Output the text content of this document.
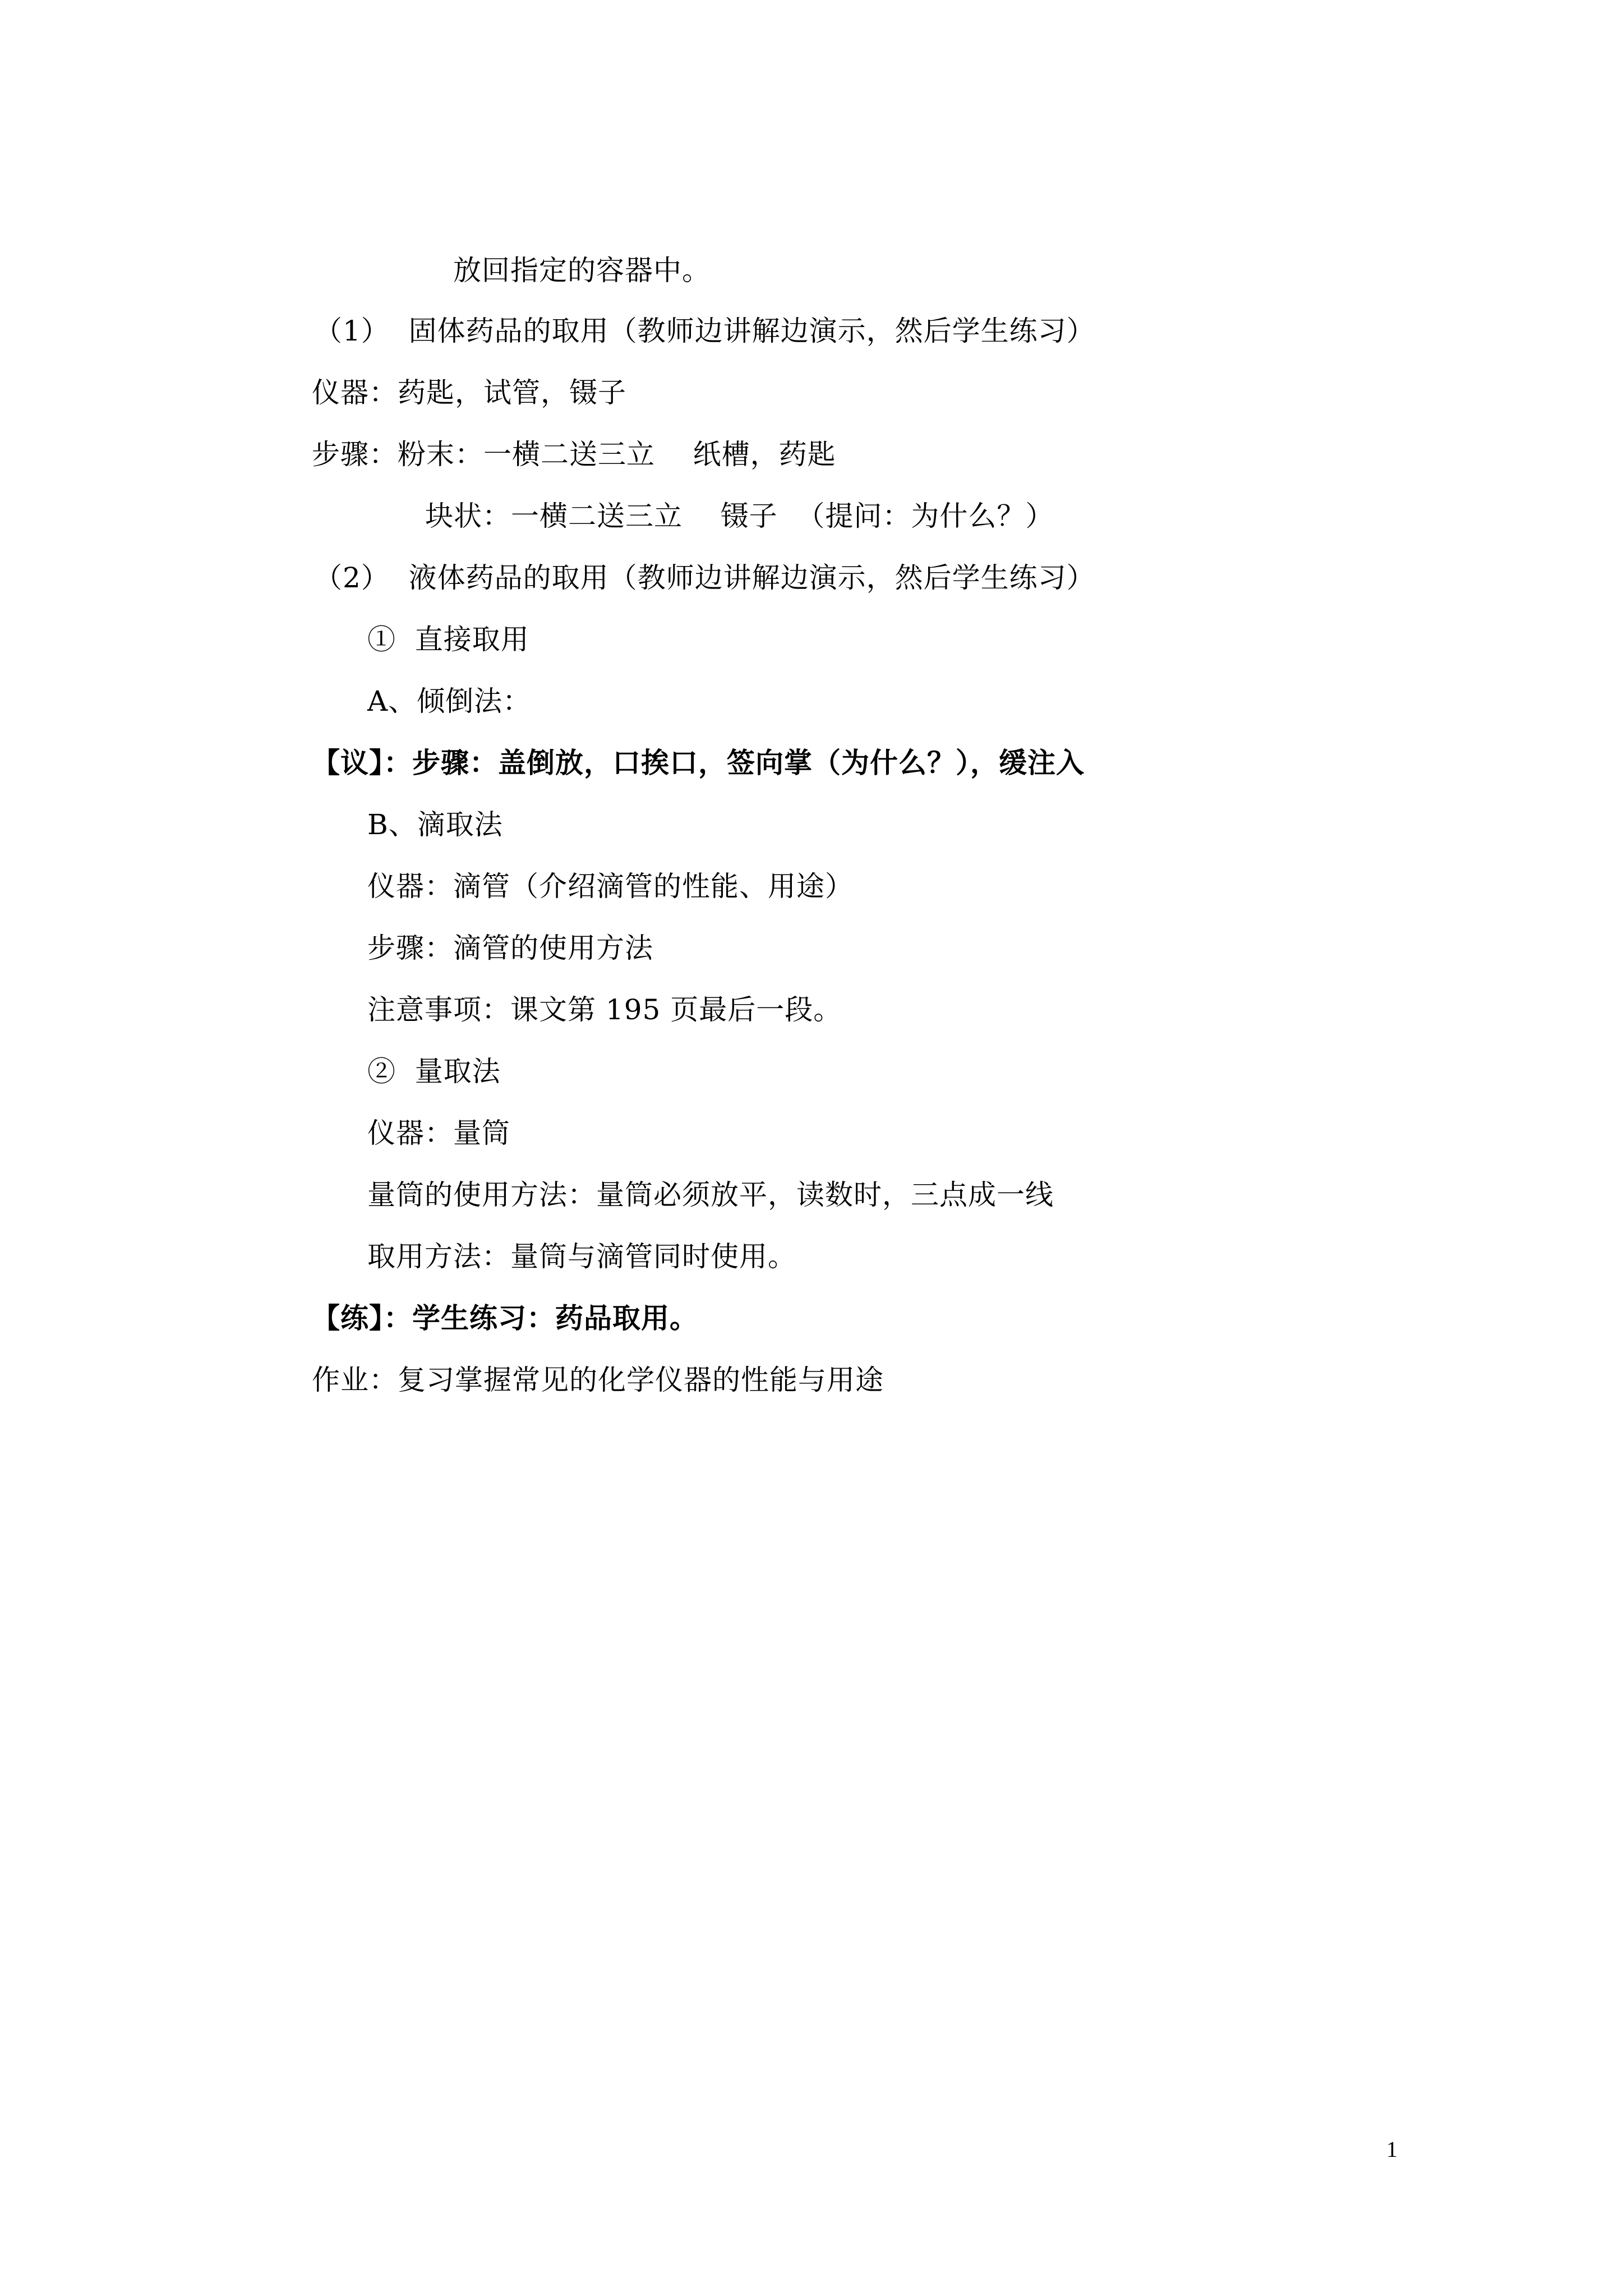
放回指定的容器中。
（1）  固体药品的取用（教师边讲解边演示，然后学生练习）
仪器：药匙，试管，镊子
步骤：粉末：一横二送三立    纸槽，药匙
块状：一横二送三立    镊子  （提问：为什么？）
（2）  液体药品的取用（教师边讲解边演示，然后学生练习）
①  直接取用
A、倾倒法：
【议】：步骤：盖倒放，口挨口，签向掌（为什么？），缓注入
B、滴取法
仪器：滴管（介绍滴管的性能、用途）
步骤：滴管的使用方法
注意事项：课文第 195 页最后一段。
②  量取法
仪器：量筒
量筒的使用方法：量筒必须放平，读数时，三点成一线
取用方法：量筒与滴管同时使用。
【练】：学生练习：药品取用。
作业：复习掌握常见的化学仪器的性能与用途
1
